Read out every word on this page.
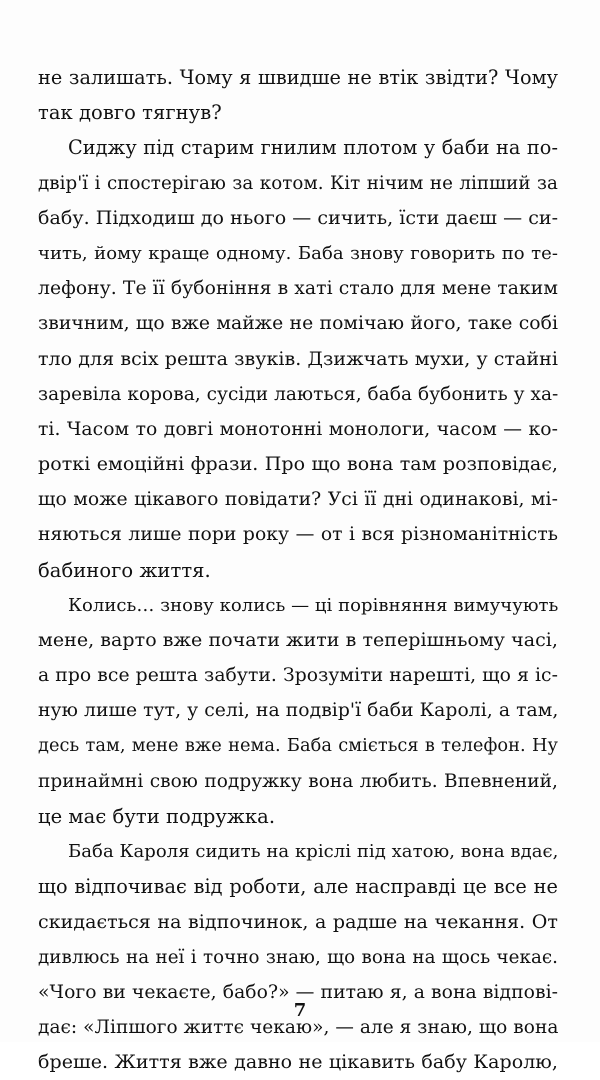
не залишать. Чому я швидше не втік звідти? Чому
так довго тягнув?
Сиджу під старим гнилим плотом у баби на по-
двір'ї і спостерігаю за котом. Кіт нічим не ліпший за
бабу. Підходиш до нього — сичить, їсти даєш — си-
чить, йому краще одному. Баба знову говорить по те-
лефону. Те її бубоніння в хаті стало для мене таким
звичним, що вже майже не помічаю його, таке собі
тло для всіх решта звуків. Дзижчать мухи, у стайні
заревіла корова, сусіди лаються, баба бубонить у ха-
ті. Часом то довгі монотонні монологи, часом — ко-
роткі емоційні фрази. Про що вона там розповідає,
що може цікавого повідати? Усі її дні одинакові, мі-
няються лише пори року — от і вся різноманітність
бабиного життя.
Колись… знову колись — ці порівняння вимучують
мене, варто вже почати жити в теперішньому часі,
а про все решта забути. Зрозуміти нарешті, що я іс-
ную лише тут, у селі, на подвір'ї баби Каролі, а там,
десь там, мене вже нема. Баба сміється в телефон. Ну
принаймні свою подружку вона любить. Впевнений,
це має бути подружка.
Баба Кароля сидить на кріслі під хатою, вона вдає,
що відпочиває від роботи, але насправді це все не
скидається на відпочинок, а радше на чекання. От
дивлюсь на неї і точно знаю, що вона на щось чекає.
«Чого ви чекаєте, бабо?» — питаю я, а вона відпові-
дає: «Ліпшого життє чекаю», — але я знаю, що вона
бреше. Життя вже давно не цікавить бабу Каролю,
7
